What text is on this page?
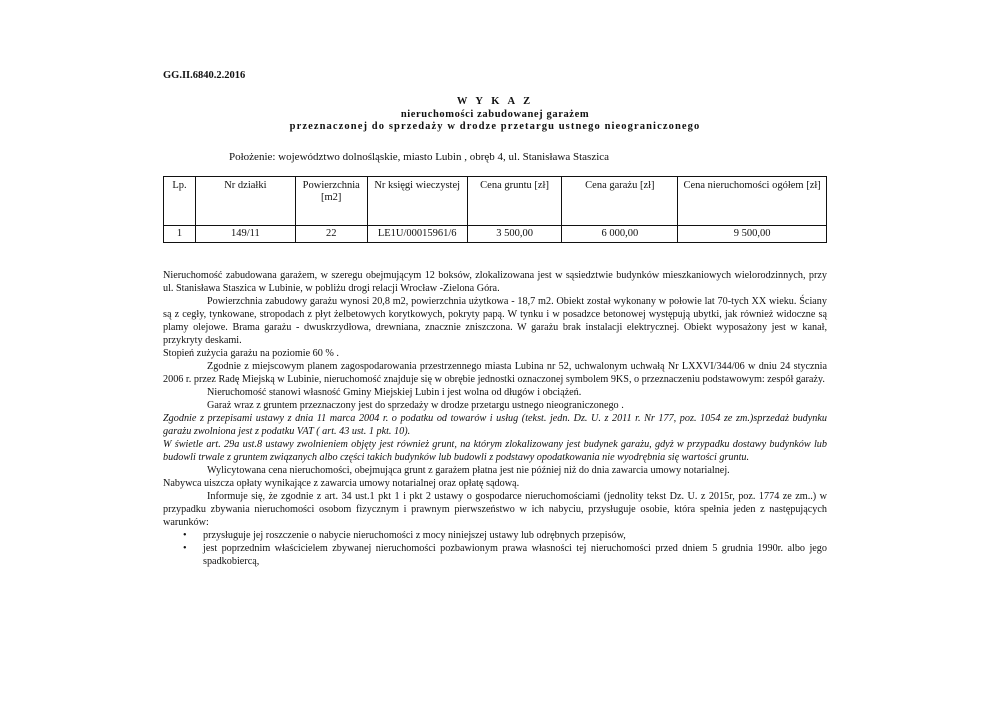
GG.II.6840.2.2016
W Y K A Z
nieruchomości zabudowanej garażem
przeznaczonej do sprzedaży w drodze przetargu ustnego nieograniczonego
Położenie: województwo dolnośląskie, miasto Lubin , obręb 4, ul. Stanisława Staszica
Lp.	Nr działki	Powierzchnia [m2]	Nr księgi wieczystej	Cena gruntu [zł]	Cena garażu [zł]	Cena nieruchomości ogółem [zł]
1	149/11	22	LE1U/00015961/6	3 500,00	6 000,00	9 500,00

Nieruchomość zabudowana garażem, w szeregu obejmującym 12 boksów, zlokalizowana jest w sąsiedztwie budynków mieszkaniowych wielorodzinnych, przy ul. Stanisława Staszica w Lubinie, w pobliżu drogi relacji Wrocław -Zielona Góra.

Powierzchnia zabudowy garażu wynosi 20,8 m2, powierzchnia użytkowa - 18,7 m2. Obiekt został wykonany w połowie lat 70-tych XX wieku. Ściany są z cegły, tynkowane, stropodach z płyt żelbetowych korytkowych, pokryty papą. W tynku i w posadzce betonowej występują ubytki, jak również widoczne są plamy olejowe. Brama garażu - dwuskrzydłowa, drewniana, znacznie zniszczona. W garażu brak instalacji elektrycznej. Obiekt wyposażony jest w kanał, przykryty deskami.

Stopień zużycia garażu na poziomie 60 % .

Zgodnie z miejscowym planem zagospodarowania przestrzennego miasta Lubina nr 52, uchwalonym uchwałą Nr LXXVI/344/06 w dniu 24 stycznia 2006 r. przez Radę Miejską w Lubinie, nieruchomość znajduje się w obrębie jednostki oznaczonej symbolem 9KS, o przeznaczeniu podstawowym: zespół garaży.

Nieruchomość stanowi własność Gminy Miejskiej Lubin i jest wolna od długów i obciążeń.

Garaż wraz z gruntem przeznaczony jest do sprzedaży w drodze przetargu ustnego nieograniczonego .

Zgodnie z przepisami ustawy z dnia 11 marca 2004 r. o podatku od towarów i usług (tekst. jedn. Dz. U. z 2011 r. Nr 177, poz. 1054 ze zm.)sprzedaż budynku garażu zwolniona jest z podatku VAT ( art. 43 ust. 1 pkt. 10).

W świetle art. 29a ust.8 ustawy zwolnieniem objęty jest również grunt, na którym zlokalizowany jest budynek garażu, gdyż w przypadku dostawy budynków lub budowli trwale z gruntem związanych albo części takich budynków lub budowli z podstawy opodatkowania nie wyodrębnia się wartości gruntu.

Wylicytowana cena nieruchomości, obejmująca grunt z garażem płatna jest nie później niż do dnia zawarcia umowy notarialnej.

Nabywca uiszcza opłaty wynikające z zawarcia umowy notarialnej oraz opłatę sądową.

Informuje się, że zgodnie z art. 34 ust.1 pkt 1 i pkt 2 ustawy o gospodarce nieruchomościami (jednolity tekst Dz. U. z 2015r, poz. 1774 ze zm..) w przypadku zbywania nieruchomości osobom fizycznym i prawnym pierwszeństwo w ich nabyciu, przysługuje osobie, która spełnia jeden z następujących warunków:

• przysługuje jej roszczenie o nabycie nieruchomości z mocy niniejszej ustawy lub odrębnych przepisów,
• jest poprzednim właścicielem zbywanej nieruchomości pozbawionym prawa własności tej nieruchomości przed dniem 5 grudnia 1990r. albo jego spadkobiercą,
